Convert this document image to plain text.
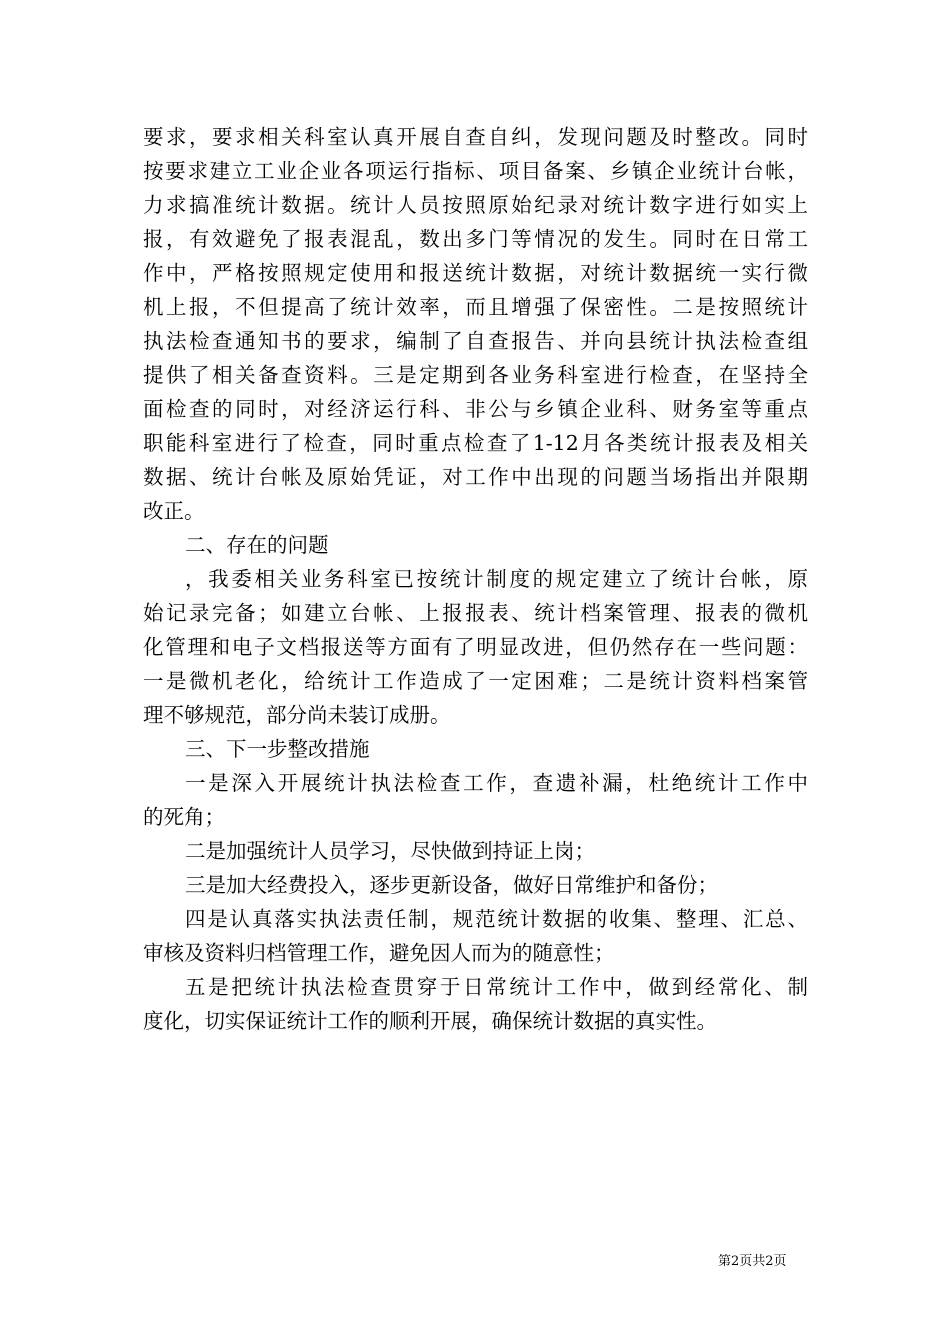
要求，要求相关科室认真开展自查自纠，发现问题及时整改。同时
按要求建立工业企业各项运行指标、项目备案、乡镇企业统计台帐，
力求搞准统计数据。统计人员按照原始纪录对统计数字进行如实上
报，有效避免了报表混乱，数出多门等情况的发生。同时在日常工
作中，严格按照规定使用和报送统计数据，对统计数据统一实行微
机上报，不但提高了统计效率，而且增强了保密性。二是按照统计
执法检查通知书的要求，编制了自查报告、并向县统计执法检查组
提供了相关备查资料。三是定期到各业务科室进行检查，在坚持全
面检查的同时，对经济运行科、非公与乡镇企业科、财务室等重点
职能科室进行了检查，同时重点检查了1-12月各类统计报表及相关
数据、统计台帐及原始凭证，对工作中出现的问题当场指出并限期
改正。
二、存在的问题
，我委相关业务科室已按统计制度的规定建立了统计台帐，原
始记录完备；如建立台帐、上报报表、统计档案管理、报表的微机
化管理和电子文档报送等方面有了明显改进，但仍然存在一些问题：
一是微机老化，给统计工作造成了一定困难；二是统计资料档案管
理不够规范，部分尚未装订成册。
三、下一步整改措施
一是深入开展统计执法检查工作，查遗补漏，杜绝统计工作中
的死角；
二是加强统计人员学习，尽快做到持证上岗；
三是加大经费投入，逐步更新设备，做好日常维护和备份；
四是认真落实执法责任制，规范统计数据的收集、整理、汇总、
审核及资料归档管理工作，避免因人而为的随意性；
五是把统计执法检查贯穿于日常统计工作中，做到经常化、制
度化，切实保证统计工作的顺利开展，确保统计数据的真实性。
第2页共2页
